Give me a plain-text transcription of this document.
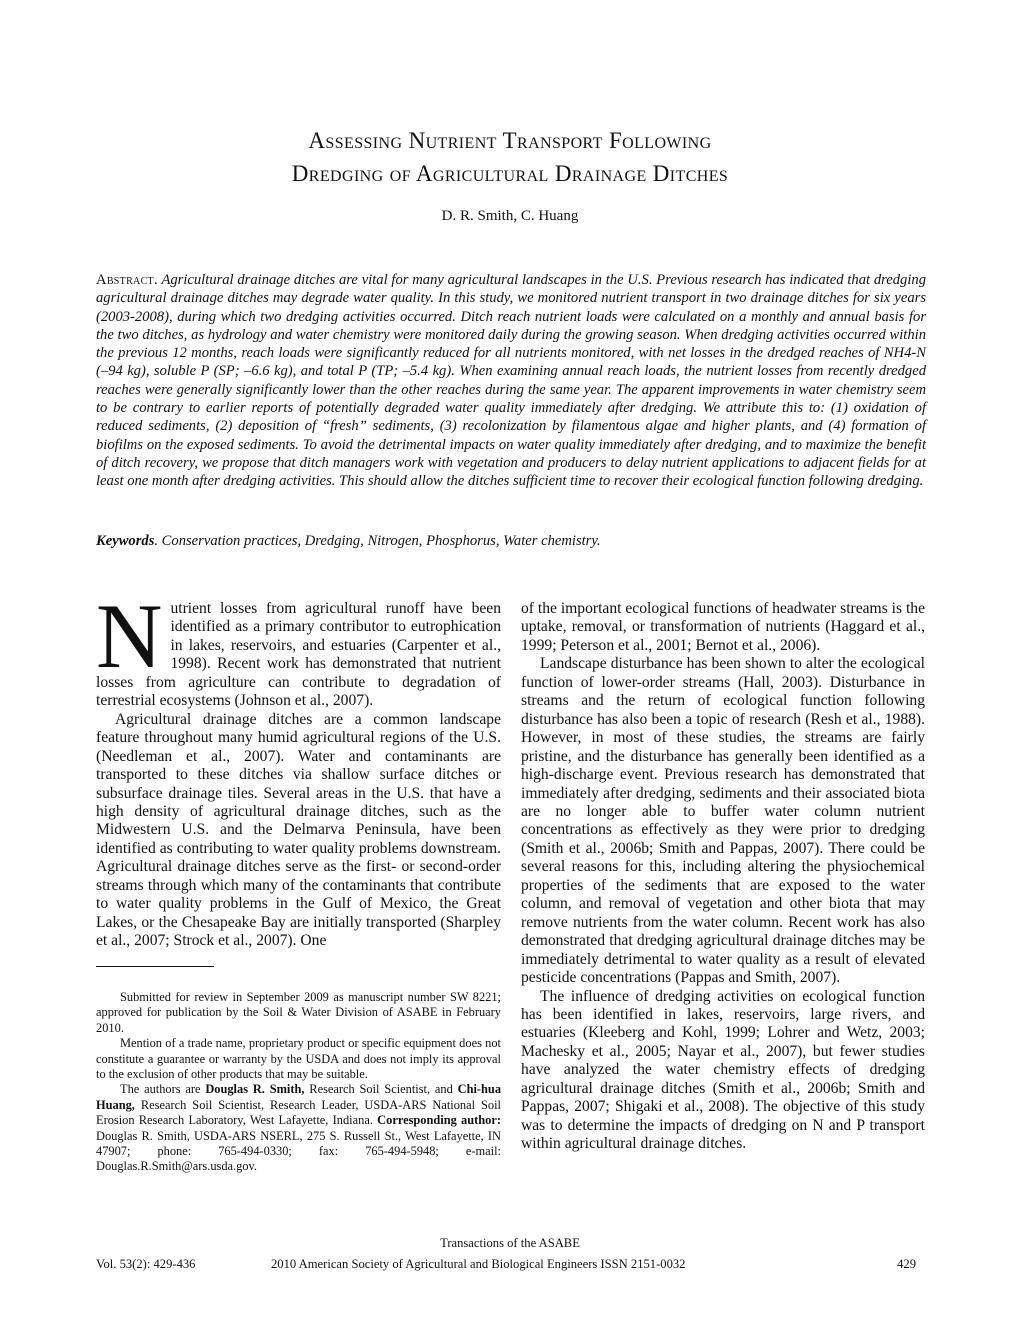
Assessing Nutrient Transport Following
Dredging of Agricultural Drainage Ditches
D. R. Smith, C. Huang
Abstract. Agricultural drainage ditches are vital for many agricultural landscapes in the U.S. Previous research has indicated that dredging agricultural drainage ditches may degrade water quality. In this study, we monitored nutrient transport in two drainage ditches for six years (2003-2008), during which two dredging activities occurred. Ditch reach nutrient loads were calculated on a monthly and annual basis for the two ditches, as hydrology and water chemistry were monitored daily during the growing season. When dredging activities occurred within the previous 12 months, reach loads were significantly reduced for all nutrients monitored, with net losses in the dredged reaches of NH4-N (–94 kg), soluble P (SP; –6.6 kg), and total P (TP; –5.4 kg). When examining annual reach loads, the nutrient losses from recently dredged reaches were generally significantly lower than the other reaches during the same year. The apparent improvements in water chemistry seem to be contrary to earlier reports of potentially degraded water quality immediately after dredging. We attribute this to: (1) oxidation of reduced sediments, (2) deposition of “fresh” sediments, (3) recolonization by filamentous algae and higher plants, and (4) formation of biofilms on the exposed sediments. To avoid the detrimental impacts on water quality immediately after dredging, and to maximize the benefit of ditch recovery, we propose that ditch managers work with vegetation and producers to delay nutrient applications to adjacent fields for at least one month after dredging activities. This should allow the ditches sufficient time to recover their ecological function following dredging.
Keywords. Conservation practices, Dredging, Nitrogen, Phosphorus, Water chemistry.

Nutrient losses from agricultural runoff have been identified as a primary contributor to eutrophication in lakes, reservoirs, and estuaries (Carpenter et al., 1998). Recent work has demonstrated that nutrient losses from agriculture can contribute to degradation of terrestrial ecosystems (Johnson et al., 2007).

Agricultural drainage ditches are a common landscape feature throughout many humid agricultural regions of the U.S. (Needleman et al., 2007). Water and contaminants are transported to these ditches via shallow surface ditches or subsurface drainage tiles. Several areas in the U.S. that have a high density of agricultural drainage ditches, such as the Midwestern U.S. and the Delmarva Peninsula, have been identified as contributing to water quality problems downstream. Agricultural drainage ditches serve as the first- or second-order streams through which many of the contaminants that contribute to water quality problems in the Gulf of Mexico, the Great Lakes, or the Chesapeake Bay are initially transported (Sharpley et al., 2007; Strock et al., 2007). One

of the important ecological functions of headwater streams is the uptake, removal, or transformation of nutrients (Haggard et al., 1999; Peterson et al., 2001; Bernot et al., 2006).

Landscape disturbance has been shown to alter the ecological function of lower-order streams (Hall, 2003). Disturbance in streams and the return of ecological function following disturbance has also been a topic of research (Resh et al., 1988). However, in most of these studies, the streams are fairly pristine, and the disturbance has generally been identified as a high-discharge event. Previous research has demonstrated that immediately after dredging, sediments and their associated biota are no longer able to buffer water column nutrient concentrations as effectively as they were prior to dredging (Smith et al., 2006b; Smith and Pappas, 2007). There could be several reasons for this, including altering the physiochemical properties of the sediments that are exposed to the water column, and removal of vegetation and other biota that may remove nutrients from the water column. Recent work has also demonstrated that dredging agricultural drainage ditches may be immediately detrimental to water quality as a result of elevated pesticide concentrations (Pappas and Smith, 2007).

The influence of dredging activities on ecological function has been identified in lakes, reservoirs, large rivers, and estuaries (Kleeberg and Kohl, 1999; Lohrer and Wetz, 2003; Machesky et al., 2005; Nayar et al., 2007), but fewer studies have analyzed the water chemistry effects of dredging agricultural drainage ditches (Smith et al., 2006b; Smith and Pappas, 2007; Shigaki et al., 2008). The objective of this study was to determine the impacts of dredging on N and P transport within agricultural drainage ditches.

Submitted for review in September 2009 as manuscript number SW 8221; approved for publication by the Soil & Water Division of ASABE in February 2010.

Mention of a trade name, proprietary product or specific equipment does not constitute a guarantee or warranty by the USDA and does not imply its approval to the exclusion of other products that may be suitable.

The authors are Douglas R. Smith, Research Soil Scientist, and Chi-hua Huang, Research Soil Scientist, Research Leader, USDA-ARS National Soil Erosion Research Laboratory, West Lafayette, Indiana. Corresponding author: Douglas R. Smith, USDA-ARS NSERL, 275 S. Russell St., West Lafayette, IN 47907; phone: 765-494-0330; fax: 765-494-5948; e-mail: Douglas.R.Smith@ars.usda.gov.

Transactions of the ASABE
Vol. 53(2): 429-436	2010 American Society of Agricultural and Biological Engineers ISSN 2151-0032	429
